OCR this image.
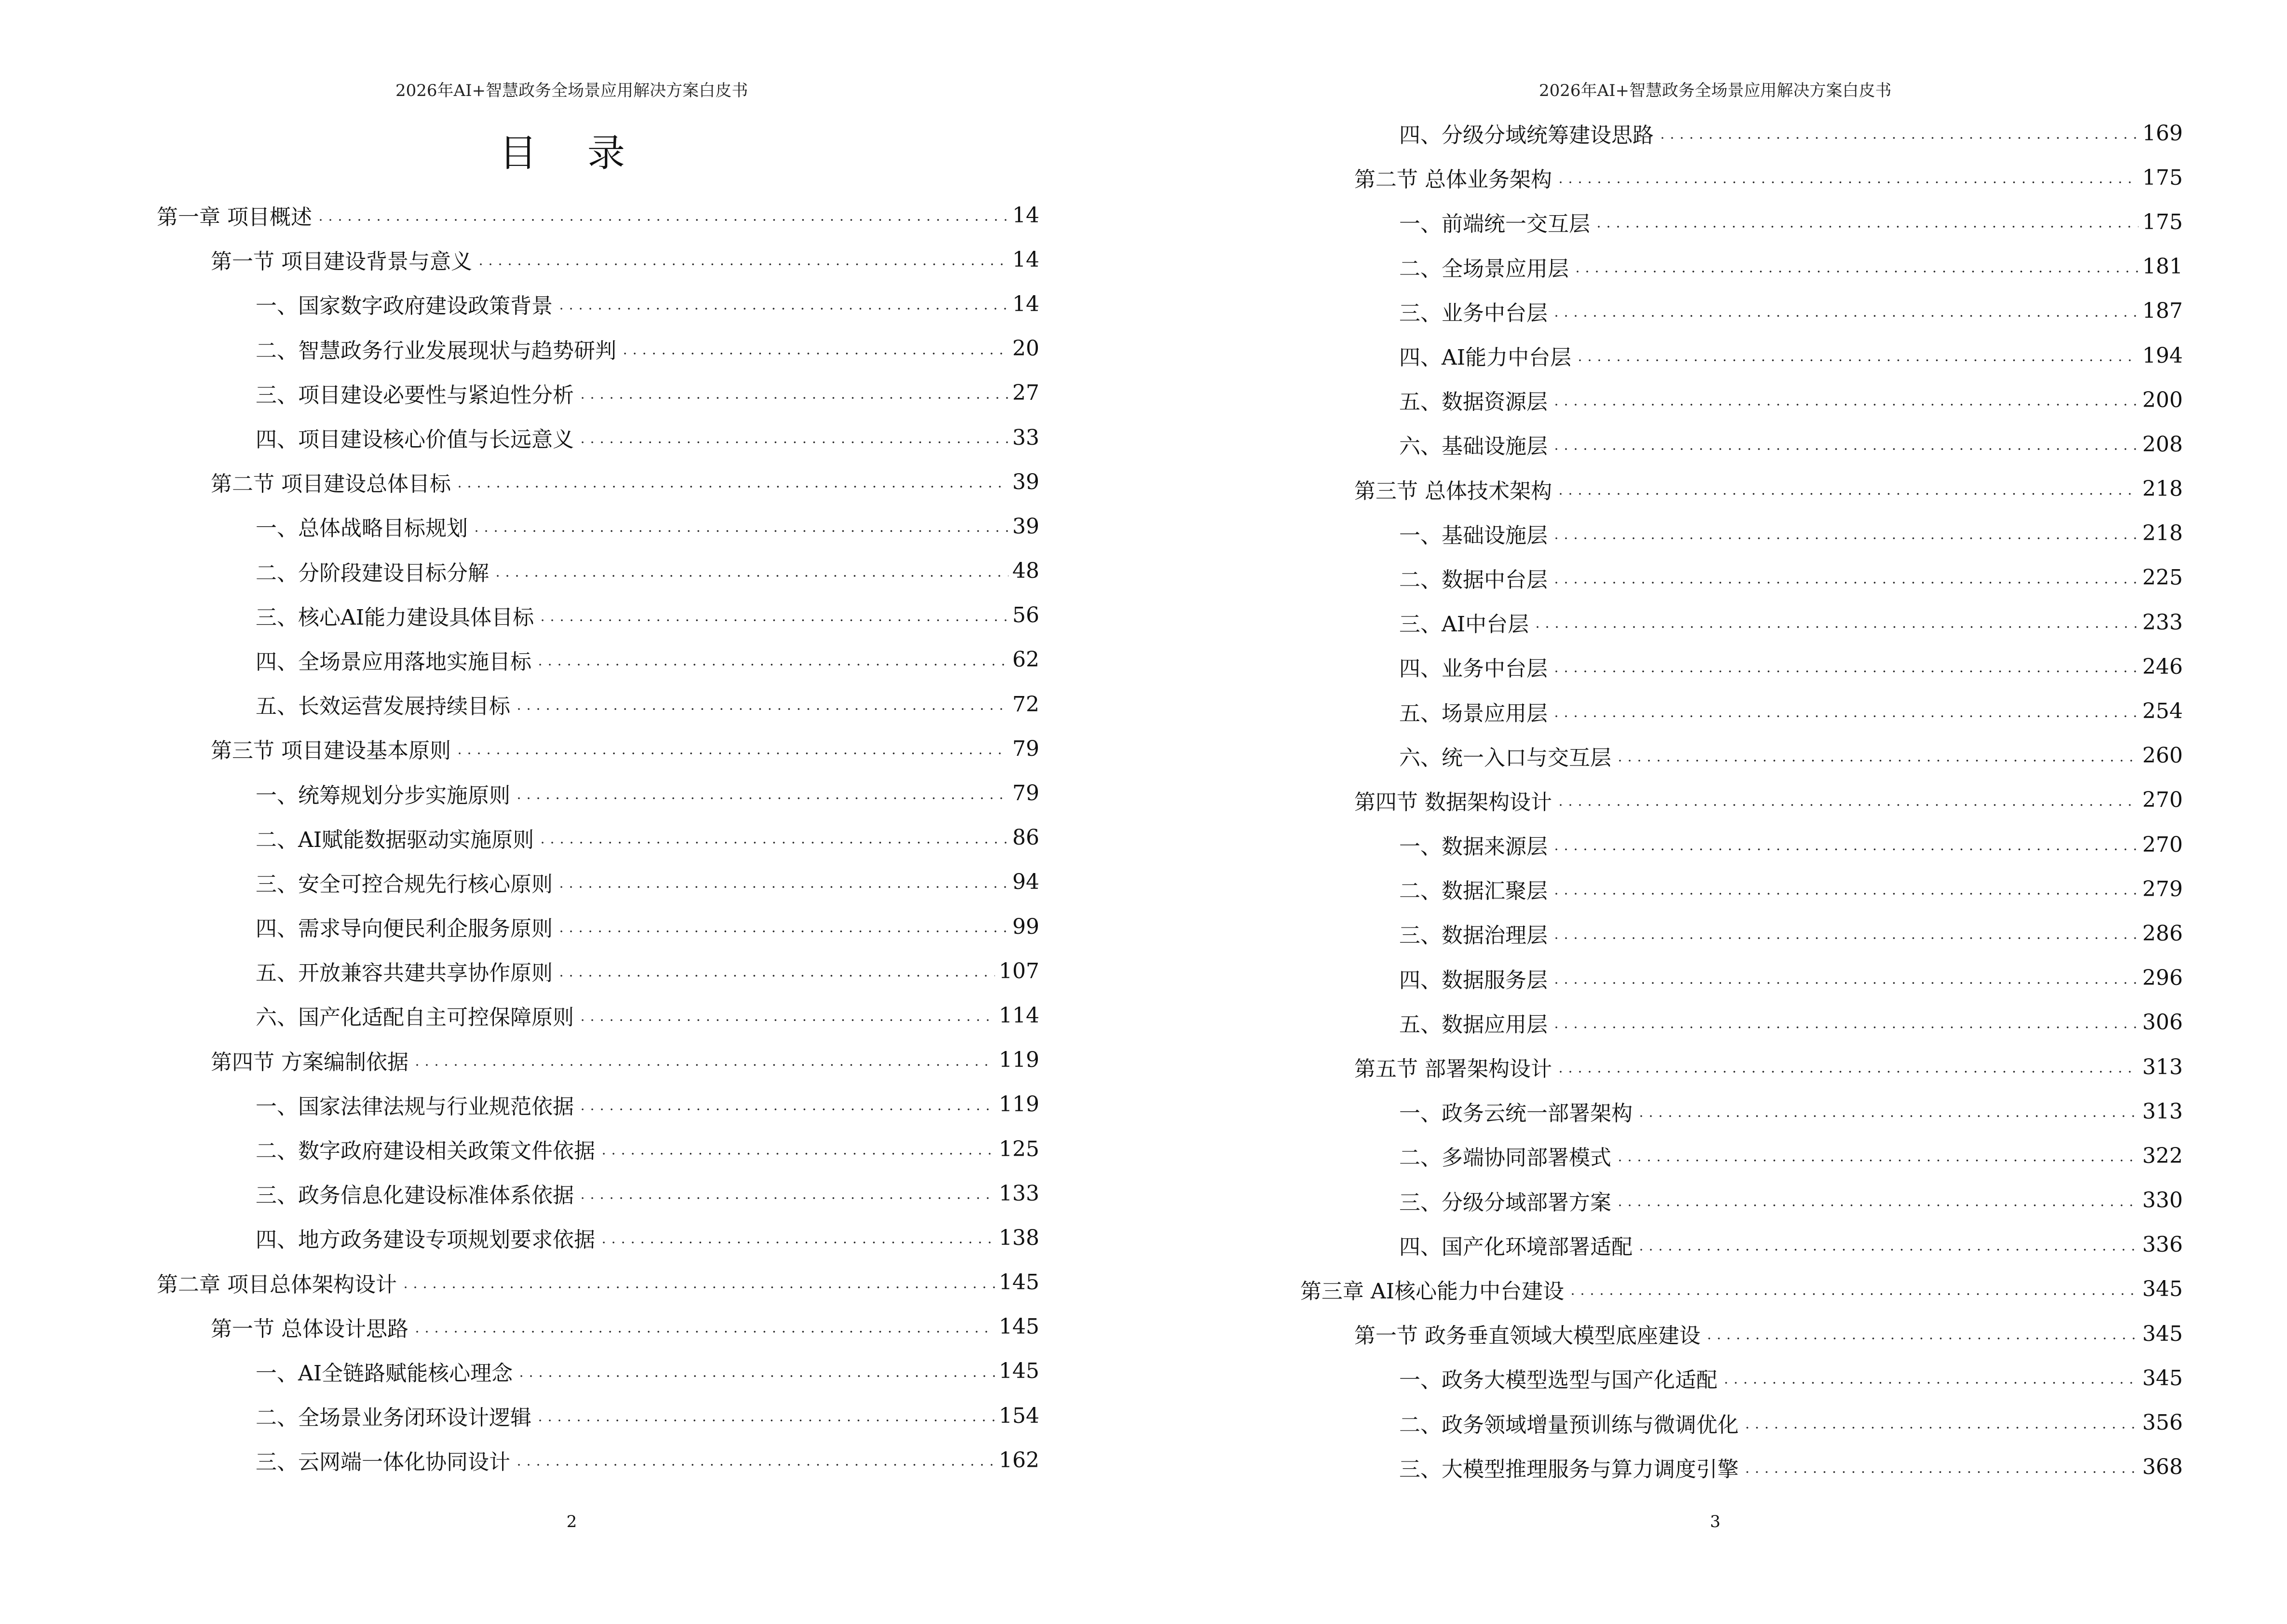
2026年AI+智慧政务全场景应用解决方案白皮书
目 录
第一章 项目概述	14
第一节 项目建设背景与意义	14
一、国家数字政府建设政策背景	14
二、智慧政务行业发展现状与趋势研判	20
三、项目建设必要性与紧迫性分析	27
四、项目建设核心价值与长远意义	33
第二节 项目建设总体目标	39
一、总体战略目标规划	39
二、分阶段建设目标分解	48
三、核心AI能力建设具体目标	56
四、全场景应用落地实施目标	62
五、长效运营发展持续目标	72
第三节 项目建设基本原则	79
一、统筹规划分步实施原则	79
二、AI赋能数据驱动实施原则	86
三、安全可控合规先行核心原则	94
四、需求导向便民利企服务原则	99
五、开放兼容共建共享协作原则	107
六、国产化适配自主可控保障原则	114
第四节 方案编制依据	119
一、国家法律法规与行业规范依据	119
二、数字政府建设相关政策文件依据	125
三、政务信息化建设标准体系依据	133
四、地方政务建设专项规划要求依据	138
第二章 项目总体架构设计	145
第一节 总体设计思路	145
一、AI全链路赋能核心理念	145
二、全场景业务闭环设计逻辑	154
三、云网端一体化协同设计	162
2
2026年AI+智慧政务全场景应用解决方案白皮书
四、分级分域统筹建设思路	169
第二节 总体业务架构	175
一、前端统一交互层	175
二、全场景应用层	181
三、业务中台层	187
四、AI能力中台层	194
五、数据资源层	200
六、基础设施层	208
第三节 总体技术架构	218
一、基础设施层	218
二、数据中台层	225
三、AI中台层	233
四、业务中台层	246
五、场景应用层	254
六、统一入口与交互层	260
第四节 数据架构设计	270
一、数据来源层	270
二、数据汇聚层	279
三、数据治理层	286
四、数据服务层	296
五、数据应用层	306
第五节 部署架构设计	313
一、政务云统一部署架构	313
二、多端协同部署模式	322
三、分级分域部署方案	330
四、国产化环境部署适配	336
第三章 AI核心能力中台建设	345
第一节 政务垂直领域大模型底座建设	345
一、政务大模型选型与国产化适配	345
二、政务领域增量预训练与微调优化	356
三、大模型推理服务与算力调度引擎	368
3
